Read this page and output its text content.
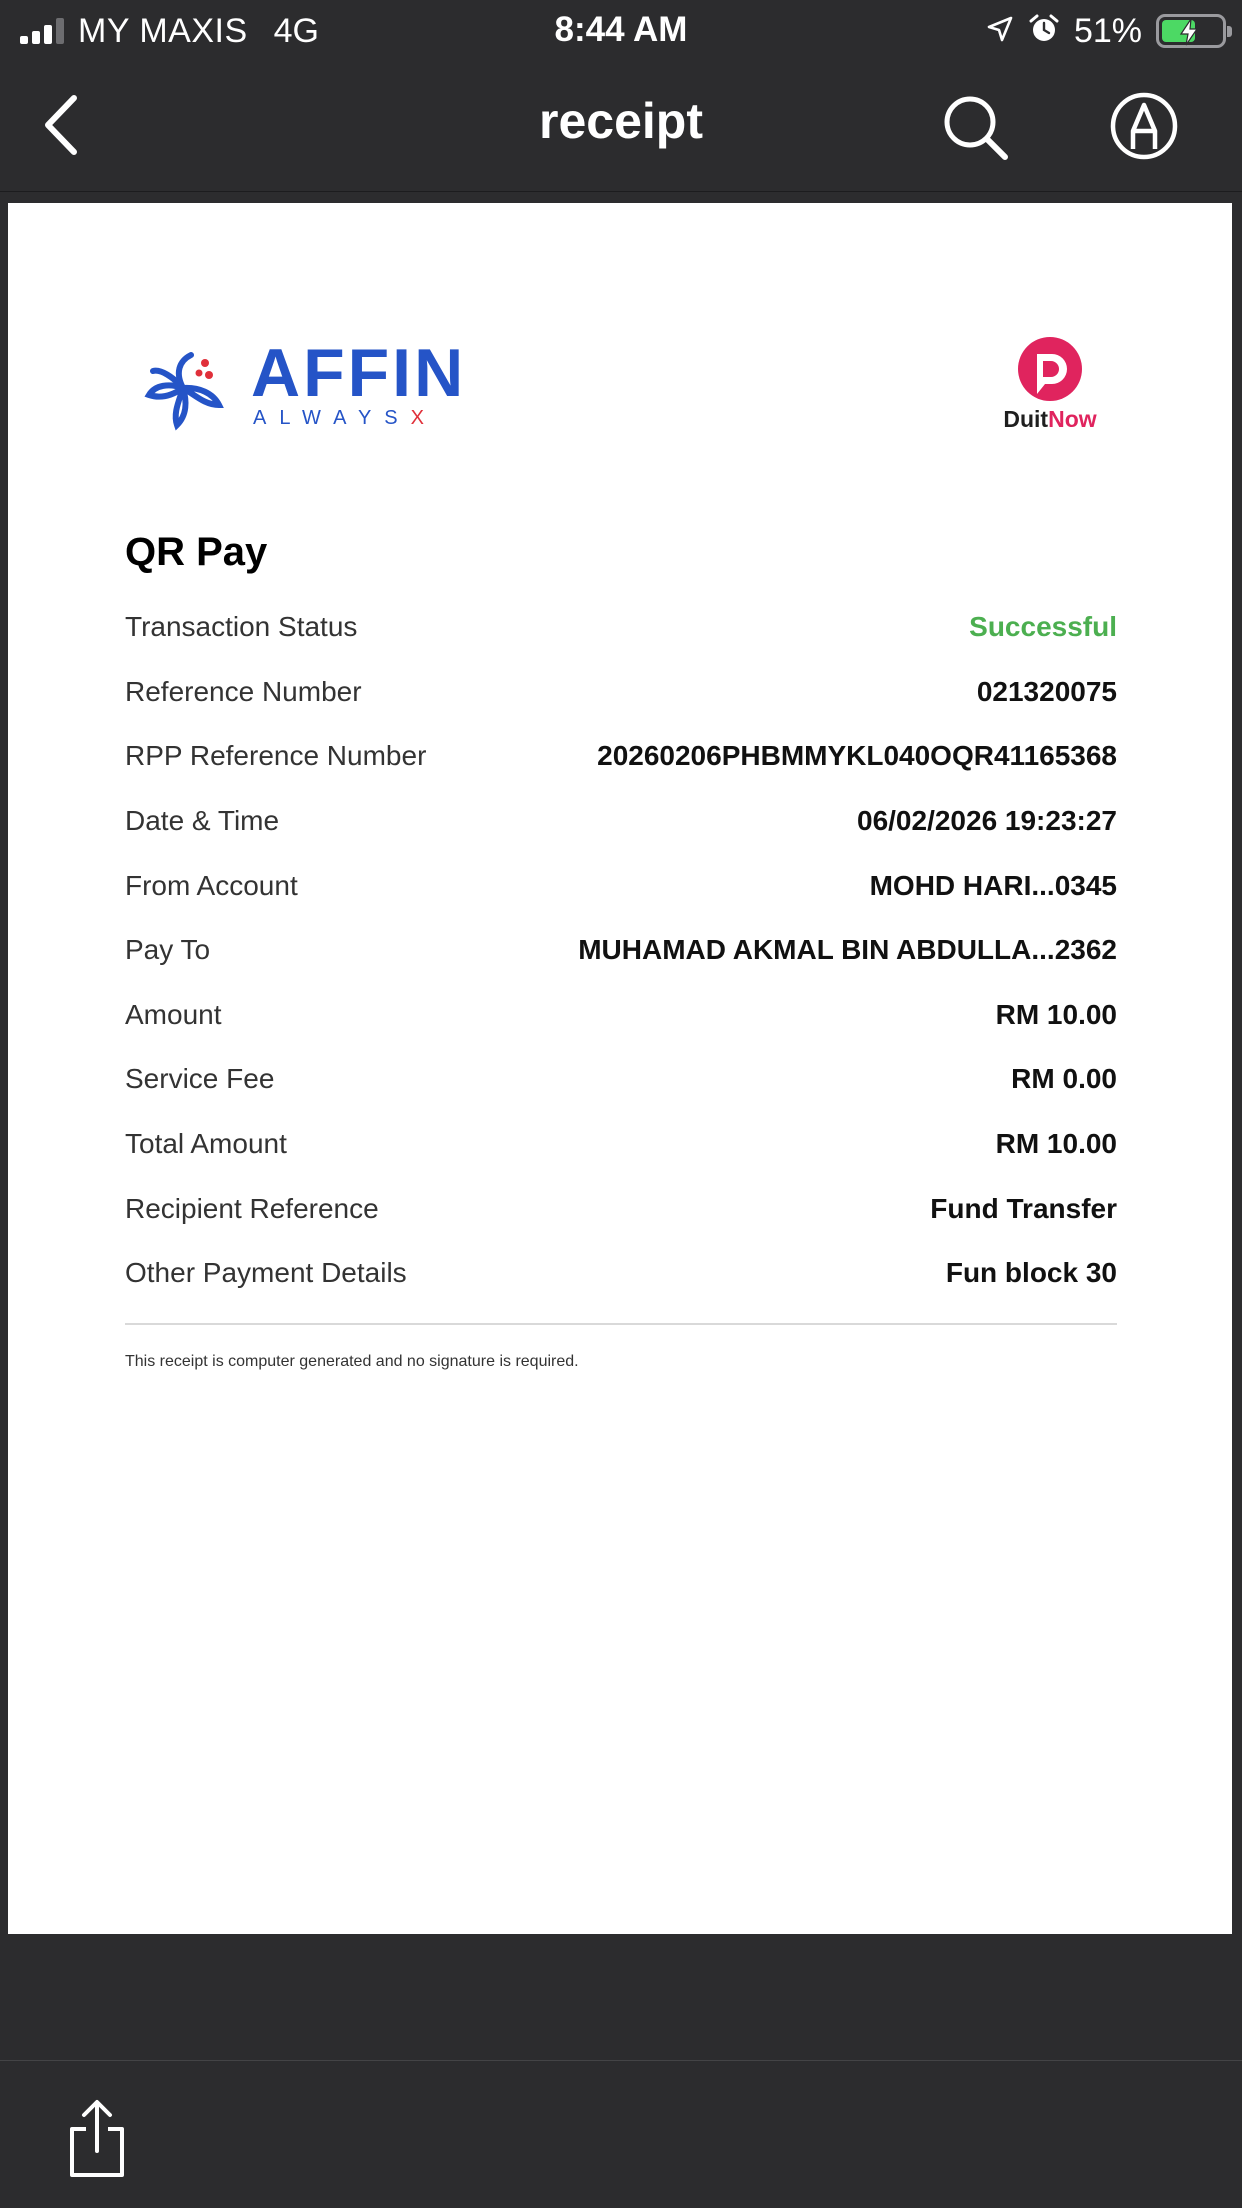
MY MAXIS 4G	8:44 AM	51%
receipt
AFFIN
ALWAYSX	DuitNow
QR Pay
Transaction Status	Successful
Reference Number	021320075
RPP Reference Number	20260206PHBMMYKL040OQR41165368
Date & Time	06/02/2026 19:23:27
From Account	MOHD HARI...0345
Pay To	MUHAMAD AKMAL BIN ABDULLA...2362
Amount	RM 10.00
Service Fee	RM 0.00
Total Amount	RM 10.00
Recipient Reference	Fund Transfer
Other Payment Details	Fun block 30
This receipt is computer generated and no signature is required.
